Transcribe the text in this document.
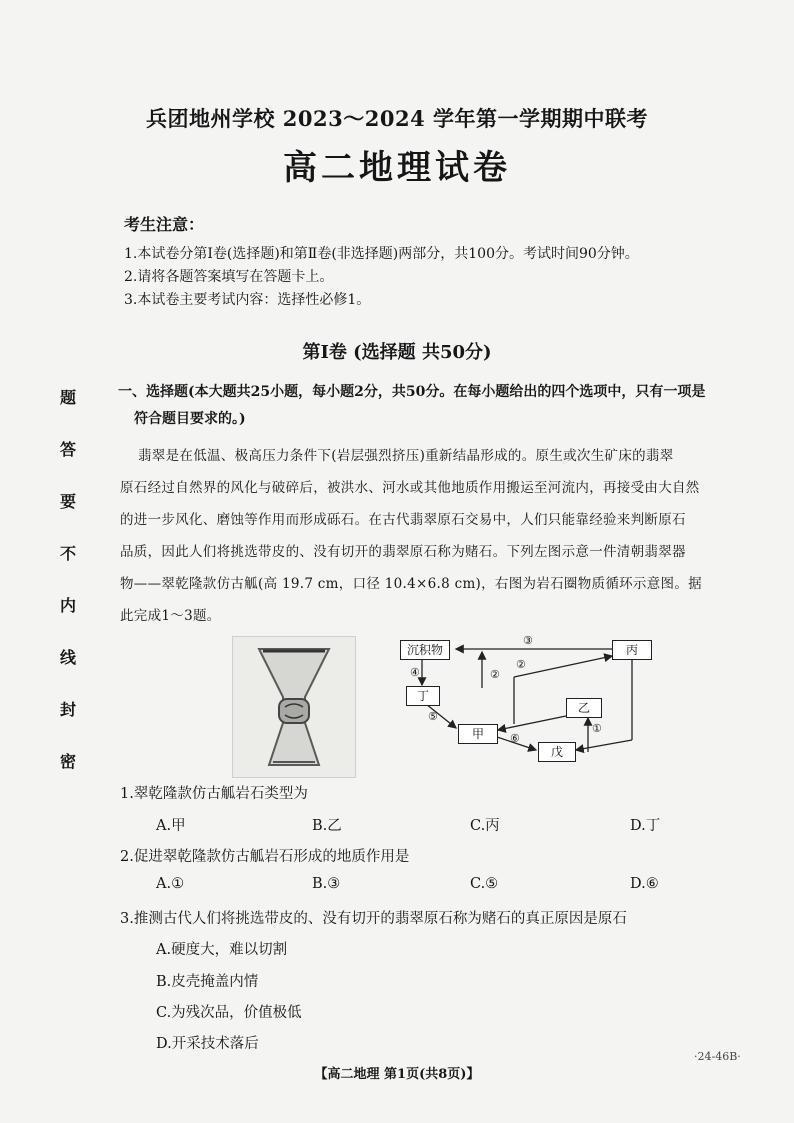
兵团地州学校 2023～2024 学年第一学期期中联考
高二地理试卷
考生注意：
1.本试卷分第Ⅰ卷(选择题)和第Ⅱ卷(非选择题)两部分，共100分。考试时间90分钟。
2.请将各题答案填写在答题卡上。
3.本试卷主要考试内容：选择性必修1。
第Ⅰ卷 (选择题 共50分)
一、选择题(本大题共25小题，每小题2分，共50分。在每小题给出的四个选项中，只有一项是
符合题目要求的。)
翡翠是在低温、极高压力条件下(岩层强烈挤压)重新结晶形成的。原生或次生矿床的翡翠
原石经过自然界的风化与破碎后，被洪水、河水或其他地质作用搬运至河流内，再接受由大自然
的进一步风化、磨蚀等作用而形成砾石。在古代翡翠原石交易中，人们只能靠经验来判断原石
品质，因此人们将挑选带皮的、没有切开的翡翠原石称为赌石。下列左图示意一件清朝翡翠器
物——翠乾隆款仿古觚(高 19.7 cm，口径 10.4×6.8 cm)，右图为岩石圈物质循环示意图。据
此完成1～3题。
沉积物
丁
甲
乙
丙
戊
③
④	②
②
⑤
⑥
①
1.翠乾隆款仿古觚岩石类型为
A.甲	B.乙	C.丙	D.丁
2.促进翠乾隆款仿古觚岩石形成的地质作用是
A.①	B.③	C.⑤	D.⑥
3.推测古代人们将挑选带皮的、没有切开的翡翠原石称为赌石的真正原因是原石
A.硬度大，难以切割
B.皮壳掩盖内情
C.为残次品，价值极低
D.开采技术落后
题
答
要
不
内
线
封
密
·24-46B·
【高二地理 第1页(共8页)】
